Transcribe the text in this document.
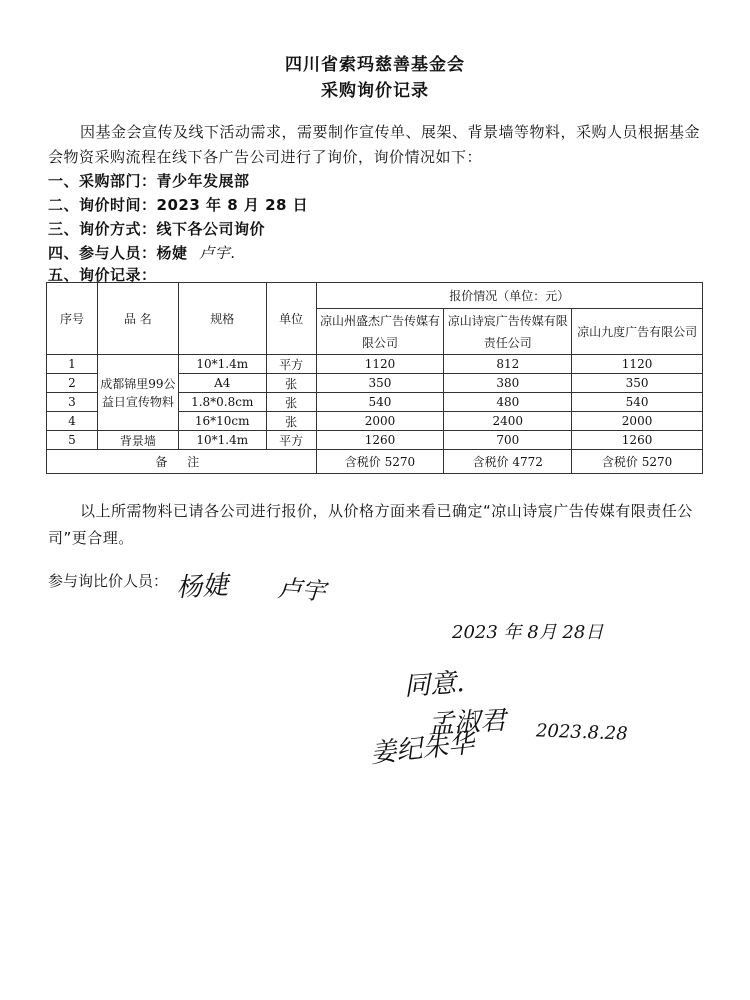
四川省索玛慈善基金会
采购询价记录
因基金会宣传及线下活动需求，需要制作宣传单、展架、背景墙等物料，采购人员根据基金会物资采购流程在线下各广告公司进行了询价，询价情况如下：
一、采购部门：青少年发展部
二、询价时间：2023 年 8 月 28 日
三、询价方式：线下各公司询价
四、参与人员：杨婕 卢宇.
五、询价记录：
序号	品 名	规格	单位	报价情况（单位：元）		
				凉山州盛杰广告传媒有限公司	凉山诗宸广告传媒有限责任公司	凉山九度广告有限公司
1	成都锦里99公益日宣传物料	10*1.4m	平方	1120	812	1120
2		A4	张	350	380	350
3		1.8*0.8cm	张	540	480	540
4		16*10cm	张	2000	2400	2000
5	背景墙	10*1.4m	平方	1260	700	1260
备 注				含税价 5270	含税价 4772	含税价 5270
以上所需物料已请各公司进行报价，从价格方面来看已确定“凉山诗宸广告传媒有限责任公司”更合理。
参与询比价人员： 杨婕 卢宇
2023 年 8月 28日
同意.
孟淑君 2023.8.28
姜纪朱华
